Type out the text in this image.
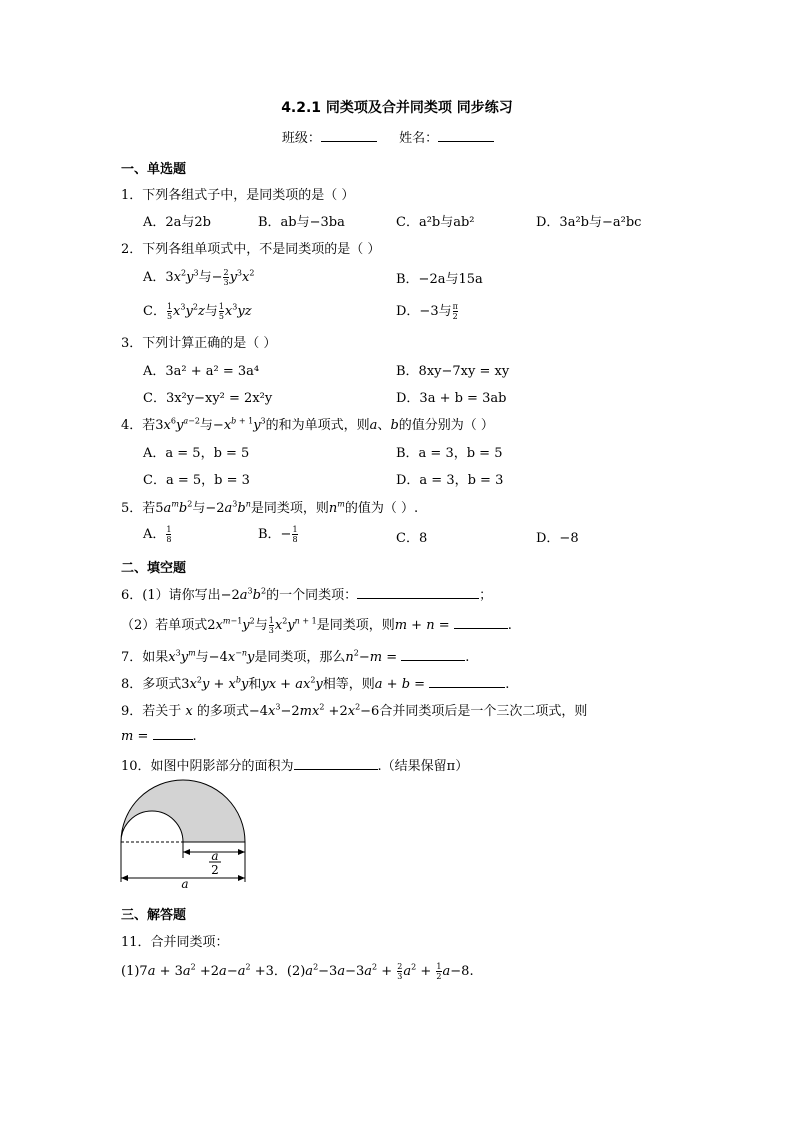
4.2.1 同类项及合并同类项 同步练习
班级：	姓名：
一、单选题
1．下列各组式子中，是同类项的是（ ）
A．2a与2b	B．ab与−3ba	C．a²b与ab²	D．3a²b与−a²bc
2．下列各组单项式中，不是同类项的是（ ）
A．$3x^2y^3$与− $\frac{2}{3} y^3x^2$	B．−2a与15a
C． $\frac{1}{5} x^3y^2z$与 $\frac{1}{5} x^3yz$	D．−3与 $\frac{\pi}{2}$
3．下列计算正确的是（ ）
A．3a² + a² = 3a⁴	B．8xy−7xy = xy
C．3x²y−xy² = 2x²y	D．3a + b = 3ab
4．若$3x^6y^{a-2}$与$-x^{b + 1}y^3$的和为单项式，则a、b的值分别为（ ）
A．a = 5，b = 5	B．a = 3，b = 5
C．a = 5，b = 3	D．a = 3，b = 3
5．若$5a^mb^2$与$-2a^3b^n$是同类项，则$n^m$的值为（ ）.
A． $\frac{1}{8}$	B．− $\frac{1}{8}$	C．8	D．−8
二、填空题
6．(1）请你写出$-2a^3b^2$的一个同类项：	；
（2）若单项式$2x^{m-1}y^2$与 $\frac{1}{3} x^2y^{n + 1}$是同类项，则m + n =	.
7．如果$x^3y^m$与$-4x^{-n}y$是同类项，那么$n^2-m$ =	.
8．多项式$3x^2y + x^by$和yx + $ax^2y$相等，则a + b =	.
9．若关于 x 的多项式$-4x^3-2mx^2 +2x^2-6$合并同类项后是一个三次二项式，则
m =	.
10．如图中阴影部分的面积为	.（结果保留π）
a
2
a
三、解答题
11．合并同类项：
$(1)7a + 3a^2 +2a-a^2 +3$．$(2)a^2-3a-3a^2 + \frac{2}{3} a^2 + \frac{1}{2} a-8$.
